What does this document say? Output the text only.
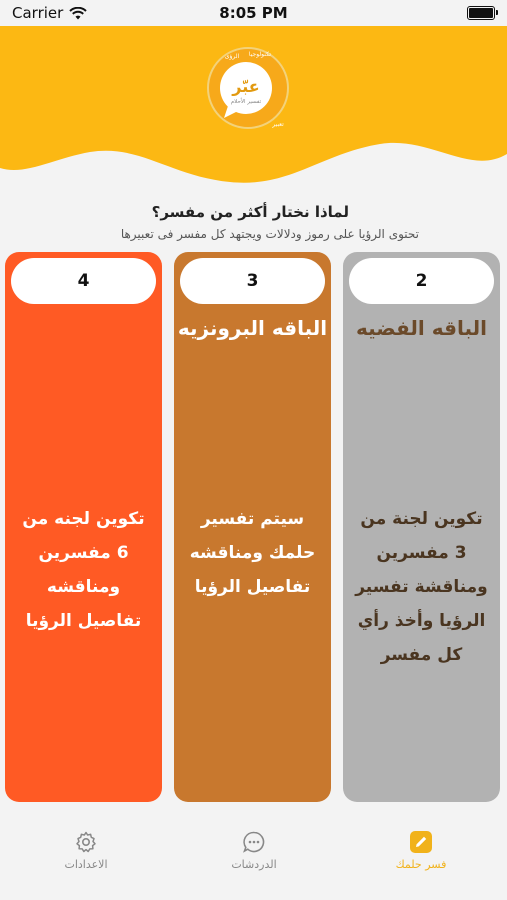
Carrier	8:05 PM
عبّر
تفسير الأحلام
تكنولوجيا
الرؤى
تعبير
لماذا نختار أكثر من مفسر؟
تحتوى الرؤيا على رموز ودلالات ويجتهد كل مفسر فى تعبيرها
4
تكوين لجنه من 6 مفسرين ومناقشه تفاصيل الرؤيا
3
الباقه البرونزيه
سيتم تفسير حلمك ومناقشه تفاصيل الرؤيا
2
الباقه الفضيه
تكوين لجنة من 3 مفسرين ومناقشة تفسير الرؤيا وأخذ رأي كل مفسر
الاعدادات	الدردشات	فسر حلمك
